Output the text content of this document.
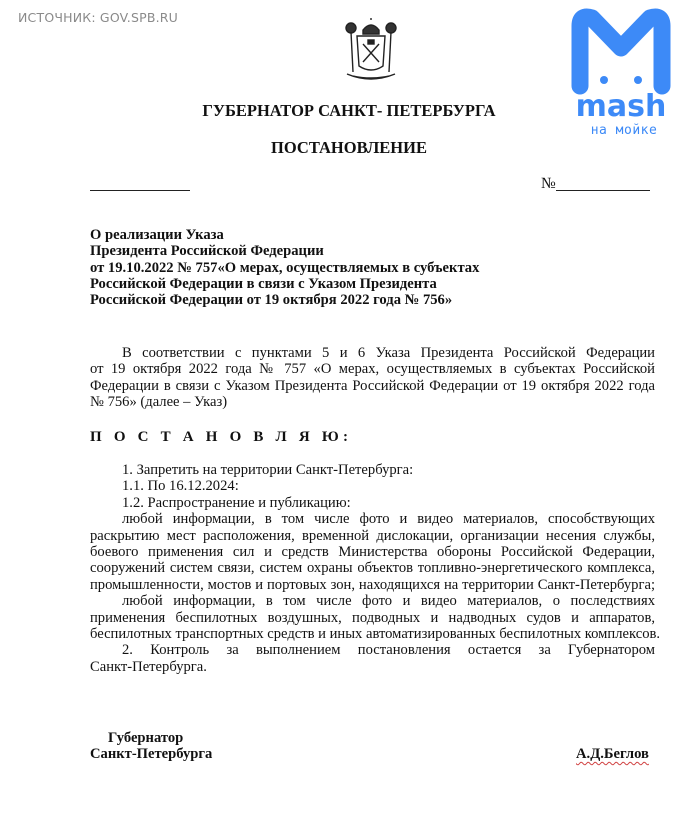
ИСТОЧНИК: GOV.SPB.RU
mash
на мойке
ГУБЕРНАТОР САНКТ- ПЕТЕРБУРГА
ПОСТАНОВЛЕНИЕ
№
О реализации Указа
Президента Российской Федерации
от 19.10.2022 № 757«О мерах, осуществляемых в субъектах
Российской Федерации в связи с Указом Президента
Российской Федерации от 19 октября 2022 года № 756»
В соответствии с пунктами 5 и 6 Указа Президента Российской Федерации
от 19 октября 2022 года № 757 «О мерах, осуществляемых в субъектах Российской
Федерации в связи с Указом Президента Российской Федерации от 19 октября 2022 года
№ 756» (далее – Указ)
П О С Т А Н О В Л Я Ю:
1. Запретить на территории Санкт-Петербурга:
1.1. По 16.12.2024:
1.2. Распространение и публикацию:
любой информации, в том числе фото и видео материалов, способствующих
раскрытию мест расположения, временной дислокации, организации несения службы,
боевого применения сил и средств Министерства обороны Российской Федерации,
сооружений систем связи, систем охраны объектов топливно-энергетического комплекса,
промышленности, мостов и портовых зон, находящихся на территории Санкт-Петербурга;
любой информации, в том числе фото и видео материалов, о последствиях
применения беспилотных воздушных, подводных и надводных судов и аппаратов,
беспилотных транспортных средств и иных автоматизированных беспилотных комплексов.
2. Контроль за выполнением постановления остается за Губернатором
Санкт-Петербурга.
Губернатор
Санкт-Петербурга	А.Д.Беглов
